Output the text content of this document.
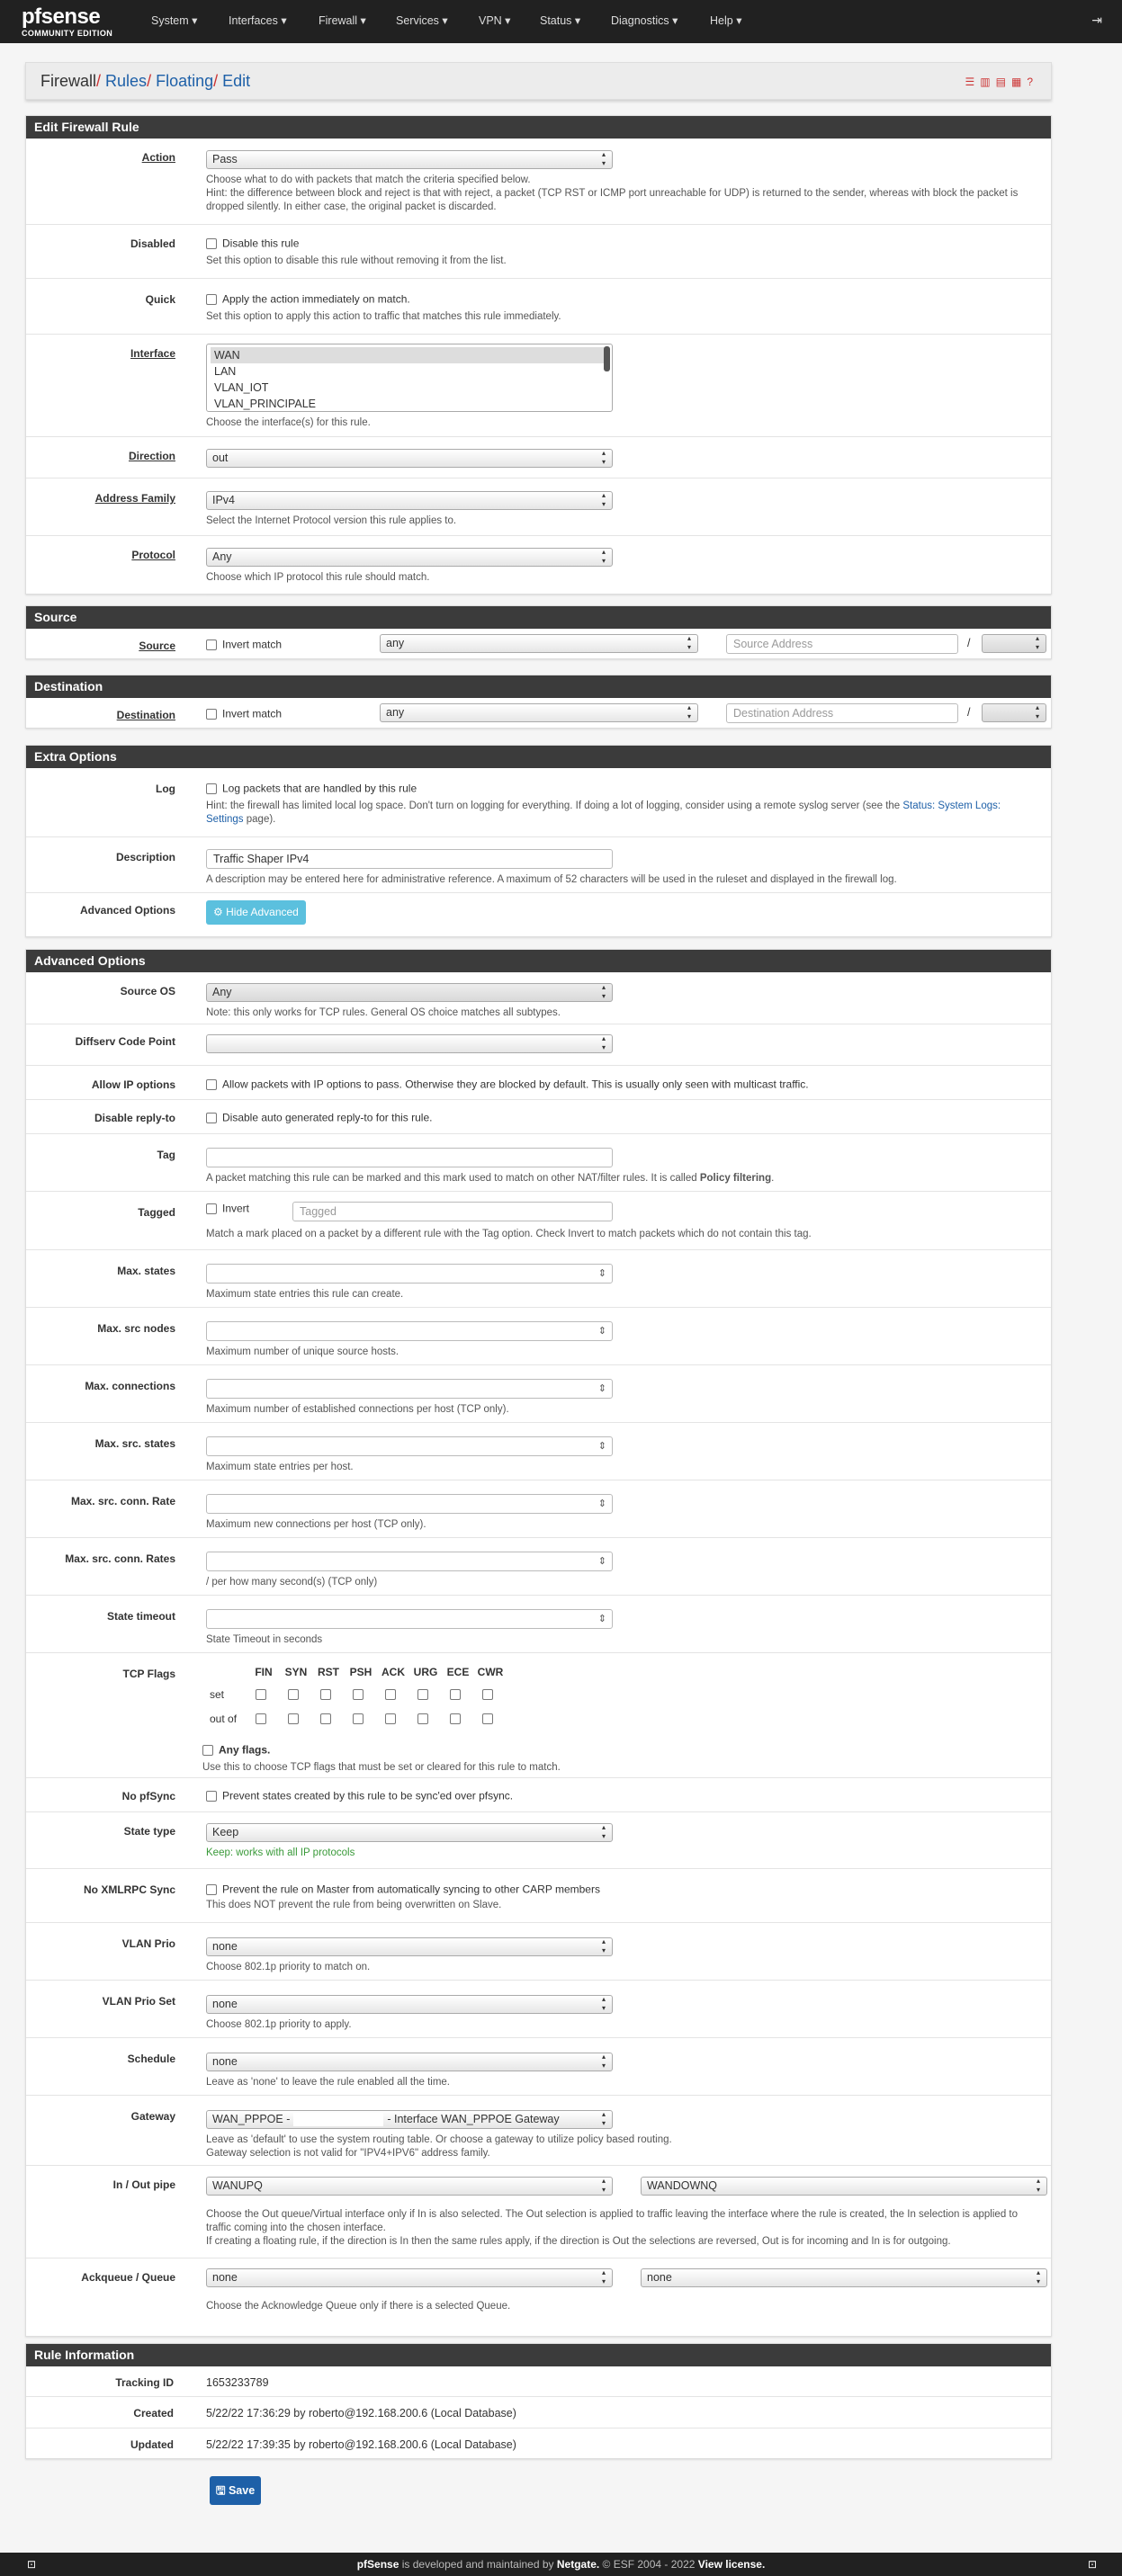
pfsense
COMMUNITY EDITION
System ▾	Interfaces ▾	Firewall ▾	Services ▾	VPN ▾	Status ▾	Diagnostics ▾	Help ▾	⇥
Firewall/ Rules/ Floating/ Edit	☰▥▤▦?
Edit Firewall Rule
Action	Pass ▴▾
Choose what to do with packets that match the criteria specified below.
Hint: the difference between block and reject is that with reject, a packet (TCP RST or ICMP port unreachable for UDP) is returned to the sender, whereas with block the packet is dropped silently. In either case, the original packet is discarded.
Disabled	Disable this rule
Set this option to disable this rule without removing it from the list.
Quick	Apply the action immediately on match.
Set this option to apply this action to traffic that matches this rule immediately.
Interface	WAN
LAN
VLAN_IOT
VLAN_PRINCIPALE
Choose the interface(s) for this rule.
Direction	out ▴▾
Address Family	IPv4 ▴▾
Select the Internet Protocol version this rule applies to.
Protocol	Any ▴▾
Choose which IP protocol this rule should match.
Source
Source	Invert match	any ▴▾	Source Address	/
▴▾
Destination
Destination	Invert match	any ▴▾	Destination Address	/
▴▾
Extra Options
Log	Log packets that are handled by this rule
Hint: the firewall has limited local log space. Don't turn on logging for everything. If doing a lot of logging, consider using a remote syslog server (see the Status: System Logs: Settings page).
Description	Traffic Shaper IPv4
A description may be entered here for administrative reference. A maximum of 52 characters will be used in the ruleset and displayed in the firewall log.
Advanced Options	⚙ Hide Advanced
Advanced Options
Source OS	Any ▴▾
Note: this only works for TCP rules. General OS choice matches all subtypes.
Diffserv Code Point
▴▾
Allow IP options	Allow packets with IP options to pass. Otherwise they are blocked by default. This is usually only seen with multicast traffic.
Disable reply-to	Disable auto generated reply-to for this rule.
Tag
A packet matching this rule can be marked and this mark used to match on other NAT/filter rules. It is called Policy filtering.
Tagged	Invert	Tagged
Match a mark placed on a packet by a different rule with the Tag option. Check Invert to match packets which do not contain this tag.
Max. states
⇕
Maximum state entries this rule can create.
Max. src nodes
⇕
Maximum number of unique source hosts.
Max. connections
⇕
Maximum number of established connections per host (TCP only).
Max. src. states
⇕
Maximum state entries per host.
Max. src. conn. Rate
⇕
Maximum new connections per host (TCP only).
Max. src. conn. Rates
⇕
/ per how many second(s) (TCP only)
State timeout
⇕
State Timeout in seconds
TCP Flags
		FIN	SYN	RST	PSH	ACK	URG	ECE	CWR
set								
out of								
Any flags.
Use this to choose TCP flags that must be set or cleared for this rule to match.
No pfSync	Prevent states created by this rule to be sync'ed over pfsync.
State type	Keep ▴▾
Keep: works with all IP protocols
No XMLRPC Sync	Prevent the rule on Master from automatically syncing to other CARP members
This does NOT prevent the rule from being overwritten on Slave.
VLAN Prio	none ▴▾
Choose 802.1p priority to match on.
VLAN Prio Set	none ▴▾
Choose 802.1p priority to apply.
Schedule	none ▴▾
Leave as 'none' to leave the rule enabled all the time.
Gateway	WAN_PPPOE -	- Interface WAN_PPPOE Gateway ▴▾
Leave as 'default' to use the system routing table. Or choose a gateway to utilize policy based routing.
Gateway selection is not valid for "IPV4+IPV6" address family.
In / Out pipe	WANUPQ ▴▾	WANDOWNQ ▴▾
Choose the Out queue/Virtual interface only if In is also selected. The Out selection is applied to traffic leaving the interface where the rule is created, the In selection is applied to traffic coming into the chosen interface.
If creating a floating rule, if the direction is In then the same rules apply, if the direction is Out the selections are reversed, Out is for incoming and In is for outgoing.
Ackqueue / Queue	none ▴▾	none ▴▾
Choose the Acknowledge Queue only if there is a selected Queue.
Rule Information
Tracking ID	1653233789
Created	5/22/22 17:36:29 by roberto@192.168.200.6 (Local Database)
Updated	5/22/22 17:39:35 by roberto@192.168.200.6 (Local Database)
🖫 Save
⊡	pfSense is developed and maintained by Netgate. © ESF 2004 - 2022 View license.	⊡
